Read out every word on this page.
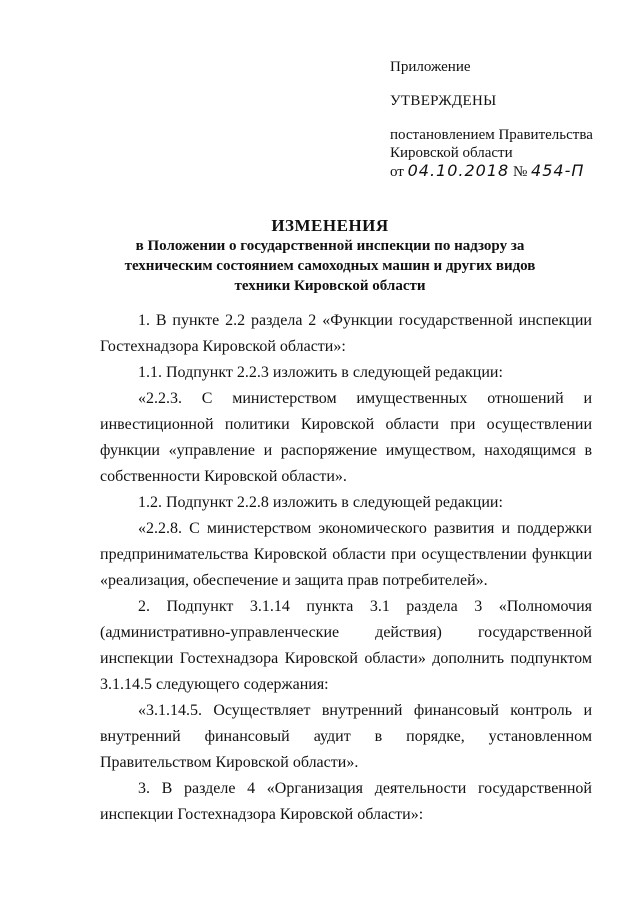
Приложение
УТВЕРЖДЕНЫ
постановлением Правительства
Кировской области
от 04.10.2018 № 454-П
ИЗМЕНЕНИЯ
в Положении о государственной инспекции по надзору за
техническим состоянием самоходных машин и других видов
техники Кировской области

1. В пункте 2.2 раздела 2 «Функции государственной инспекции Гостехнадзора Кировской области»:

1.1. Подпункт 2.2.3 изложить в следующей редакции:

«2.2.3. С министерством имущественных отношений и инвестиционной политики Кировской области при осуществлении функции «управление и распоряжение имуществом, находящимся в собственности Кировской области».

1.2. Подпункт 2.2.8 изложить в следующей редакции:

«2.2.8. С министерством экономического развития и поддержки предпринимательства Кировской области при осуществлении функции «реализация, обеспечение и защита прав потребителей».

2. Подпункт 3.1.14 пункта 3.1 раздела 3 «Полномочия (административно-управленческие действия) государственной инспекции Гостехнадзора Кировской области» дополнить подпунктом 3.1.14.5 следующего содержания:

«3.1.14.5. Осуществляет внутренний финансовый контроль и внутренний финансовый аудит в порядке, установленном Правительством Кировской области».

3. В разделе 4 «Организация деятельности государственной инспекции Гостехнадзора Кировской области»:
